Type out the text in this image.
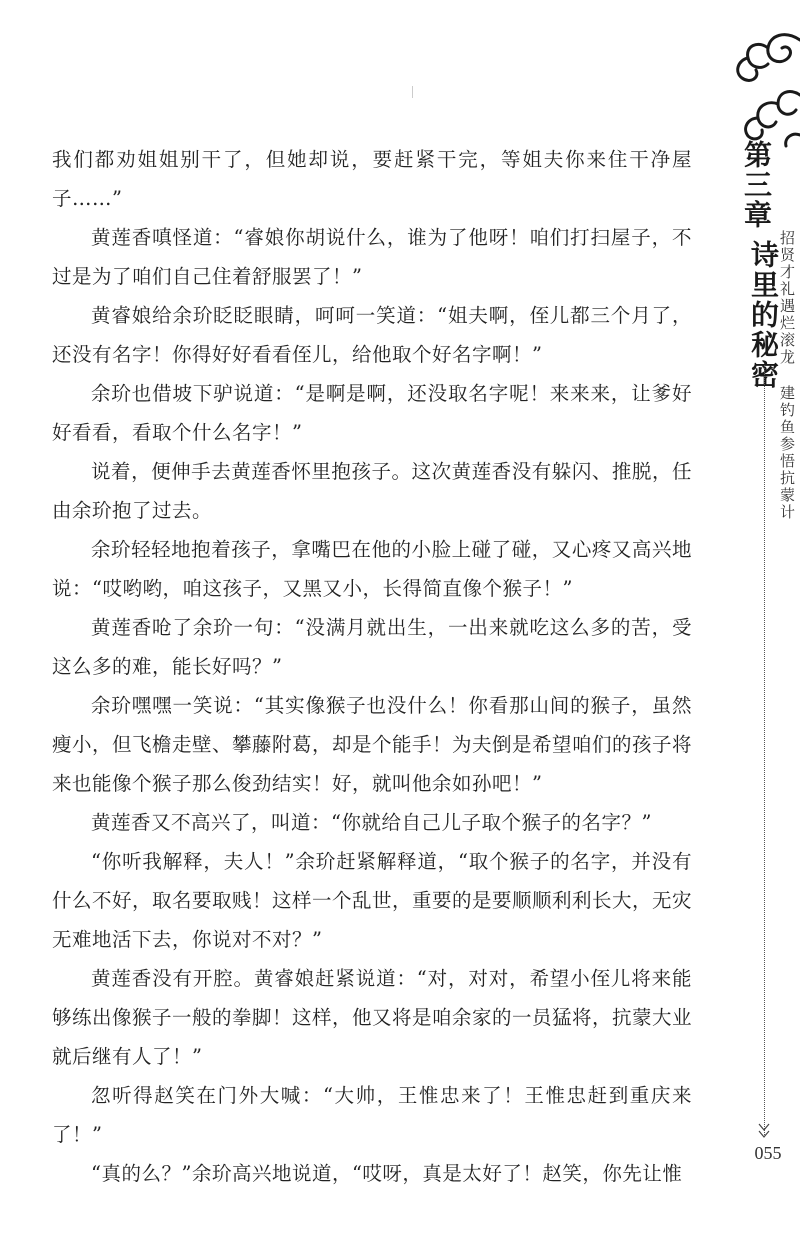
第三章
诗里的秘密
招贤才礼遇烂滚龙
建钓鱼参悟抗蒙计
055

我们都劝姐姐别干了，但她却说，要赶紧干完，等姐夫你来住干净屋子……”

黄莲香嗔怪道：“睿娘你胡说什么，谁为了他呀！咱们打扫屋子，不过是为了咱们自己住着舒服罢了！”

黄睿娘给余玠眨眨眼睛，呵呵一笑道：“姐夫啊，侄儿都三个月了，还没有名字！你得好好看看侄儿，给他取个好名字啊！”

余玠也借坡下驴说道：“是啊是啊，还没取名字呢！来来来，让爹好好看看，看取个什么名字！”

说着，便伸手去黄莲香怀里抱孩子。这次黄莲香没有躲闪、推脱，任由余玠抱了过去。

余玠轻轻地抱着孩子，拿嘴巴在他的小脸上碰了碰，又心疼又高兴地说：“哎哟哟，咱这孩子，又黑又小，长得简直像个猴子！”

黄莲香呛了余玠一句：“没满月就出生，一出来就吃这么多的苦，受这么多的难，能长好吗？”

余玠嘿嘿一笑说：“其实像猴子也没什么！你看那山间的猴子，虽然瘦小，但飞檐走壁、攀藤附葛，却是个能手！为夫倒是希望咱们的孩子将来也能像个猴子那么俊劲结实！好，就叫他余如孙吧！”

黄莲香又不高兴了，叫道：“你就给自己儿子取个猴子的名字？”

“你听我解释，夫人！”余玠赶紧解释道，“取个猴子的名字，并没有什么不好，取名要取贱！这样一个乱世，重要的是要顺顺利利长大，无灾无难地活下去，你说对不对？”

黄莲香没有开腔。黄睿娘赶紧说道：“对，对对，希望小侄儿将来能够练出像猴子一般的拳脚！这样，他又将是咱余家的一员猛将，抗蒙大业就后继有人了！”

忽听得赵笑在门外大喊：“大帅，王惟忠来了！王惟忠赶到重庆来了！”

“真的么？”余玠高兴地说道，“哎呀，真是太好了！赵笑，你先让惟
